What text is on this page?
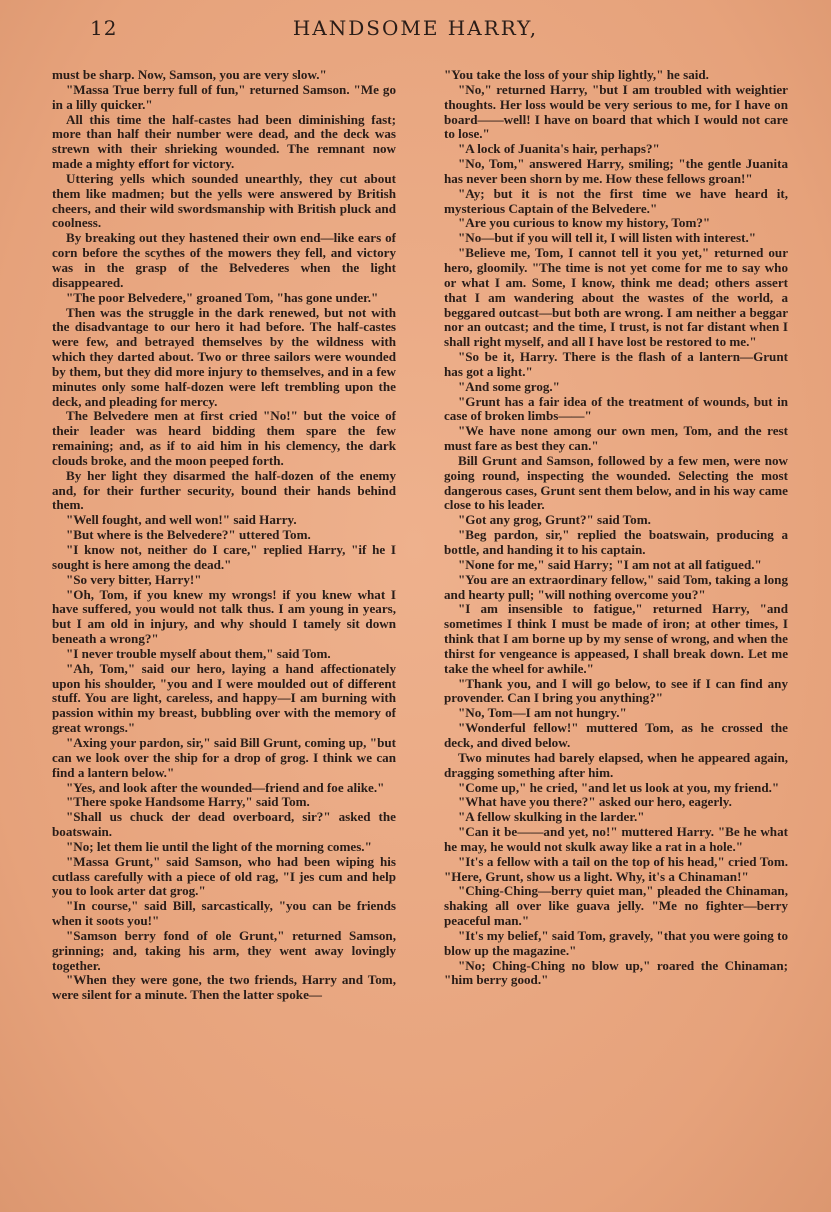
12	HANDSOME HARRY,

must be sharp. Now, Samson, you are very slow."

"Massa True berry full of fun," returned Samson. "Me go in a lilly quicker."

All this time the half-castes had been diminishing fast; more than half their number were dead, and the deck was strewn with their shrieking wounded. The remnant now made a mighty effort for victory.

Uttering yells which sounded unearthly, they cut about them like madmen; but the yells were answered by British cheers, and their wild swordsmanship with British pluck and coolness.

By breaking out they hastened their own end—like ears of corn before the scythes of the mowers they fell, and victory was in the grasp of the Belvederes when the light disappeared.

"The poor Belvedere," groaned Tom, "has gone under."

Then was the struggle in the dark renewed, but not with the disadvantage to our hero it had before. The half-castes were few, and betrayed themselves by the wildness with which they darted about. Two or three sailors were wounded by them, but they did more injury to themselves, and in a few minutes only some half-dozen were left trembling upon the deck, and pleading for mercy.

The Belvedere men at first cried "No!" but the voice of their leader was heard bidding them spare the few remaining; and, as if to aid him in his clemency, the dark clouds broke, and the moon peeped forth.

By her light they disarmed the half-dozen of the enemy and, for their further security, bound their hands behind them.

"Well fought, and well won!" said Harry.

"But where is the Belvedere?" uttered Tom.

"I know not, neither do I care," replied Harry, "if he I sought is here among the dead."

"So very bitter, Harry!"

"Oh, Tom, if you knew my wrongs! if you knew what I have suffered, you would not talk thus. I am young in years, but I am old in injury, and why should I tamely sit down beneath a wrong?"

"I never trouble myself about them," said Tom.

"Ah, Tom," said our hero, laying a hand affectionately upon his shoulder, "you and I were moulded out of different stuff. You are light, careless, and happy—I am burning with passion within my breast, bubbling over with the memory of great wrongs."

"Axing your pardon, sir," said Bill Grunt, coming up, "but can we look over the ship for a drop of grog. I think we can find a lantern below."

"Yes, and look after the wounded—friend and foe alike."

"There spoke Handsome Harry," said Tom.

"Shall us chuck der dead overboard, sir?" asked the boatswain.

"No; let them lie until the light of the morning comes."

"Massa Grunt," said Samson, who had been wiping his cutlass carefully with a piece of old rag, "I jes cum and help you to look arter dat grog."

"In course," said Bill, sarcastically, "you can be friends when it soots you!"

"Samson berry fond of ole Grunt," returned Samson, grinning; and, taking his arm, they went away lovingly together.

"When they were gone, the two friends, Harry and Tom, were silent for a minute. Then the latter spoke—

"You take the loss of your ship lightly," he said.

"No," returned Harry, "but I am troubled with weightier thoughts. Her loss would be very serious to me, for I have on board——well! I have on board that which I would not care to lose."

"A lock of Juanita's hair, perhaps?"

"No, Tom," answered Harry, smiling; "the gentle Juanita has never been shorn by me. How these fellows groan!"

"Ay; but it is not the first time we have heard it, mysterious Captain of the Belvedere."

"Are you curious to know my history, Tom?"

"No—but if you will tell it, I will listen with interest."

"Believe me, Tom, I cannot tell it you yet," returned our hero, gloomily. "The time is not yet come for me to say who or what I am. Some, I know, think me dead; others assert that I am wandering about the wastes of the world, a beggared outcast—but both are wrong. I am neither a beggar nor an outcast; and the time, I trust, is not far distant when I shall right myself, and all I have lost be restored to me."

"So be it, Harry. There is the flash of a lantern—Grunt has got a light."

"And some grog."

"Grunt has a fair idea of the treatment of wounds, but in case of broken limbs——"

"We have none among our own men, Tom, and the rest must fare as best they can."

Bill Grunt and Samson, followed by a few men, were now going round, inspecting the wounded. Selecting the most dangerous cases, Grunt sent them below, and in his way came close to his leader.

"Got any grog, Grunt?" said Tom.

"Beg pardon, sir," replied the boatswain, producing a bottle, and handing it to his captain.

"None for me," said Harry; "I am not at all fatigued."

"You are an extraordinary fellow," said Tom, taking a long and hearty pull; "will nothing overcome you?"

"I am insensible to fatigue," returned Harry, "and sometimes I think I must be made of iron; at other times, I think that I am borne up by my sense of wrong, and when the thirst for vengeance is appeased, I shall break down. Let me take the wheel for awhile."

"Thank you, and I will go below, to see if I can find any provender. Can I bring you anything?"

"No, Tom—I am not hungry."

"Wonderful fellow!" muttered Tom, as he crossed the deck, and dived below.

Two minutes had barely elapsed, when he appeared again, dragging something after him.

"Come up," he cried, "and let us look at you, my friend."

"What have you there?" asked our hero, eagerly.

"A fellow skulking in the larder."

"Can it be——and yet, no!" muttered Harry. "Be he what he may, he would not skulk away like a rat in a hole."

"It's a fellow with a tail on the top of his head," cried Tom. "Here, Grunt, show us a light. Why, it's a Chinaman!"

"Ching-Ching—berry quiet man," pleaded the Chinaman, shaking all over like guava jelly. "Me no fighter—berry peaceful man."

"It's my belief," said Tom, gravely, "that you were going to blow up the magazine."

"No; Ching-Ching no blow up," roared the Chinaman; "him berry good."
